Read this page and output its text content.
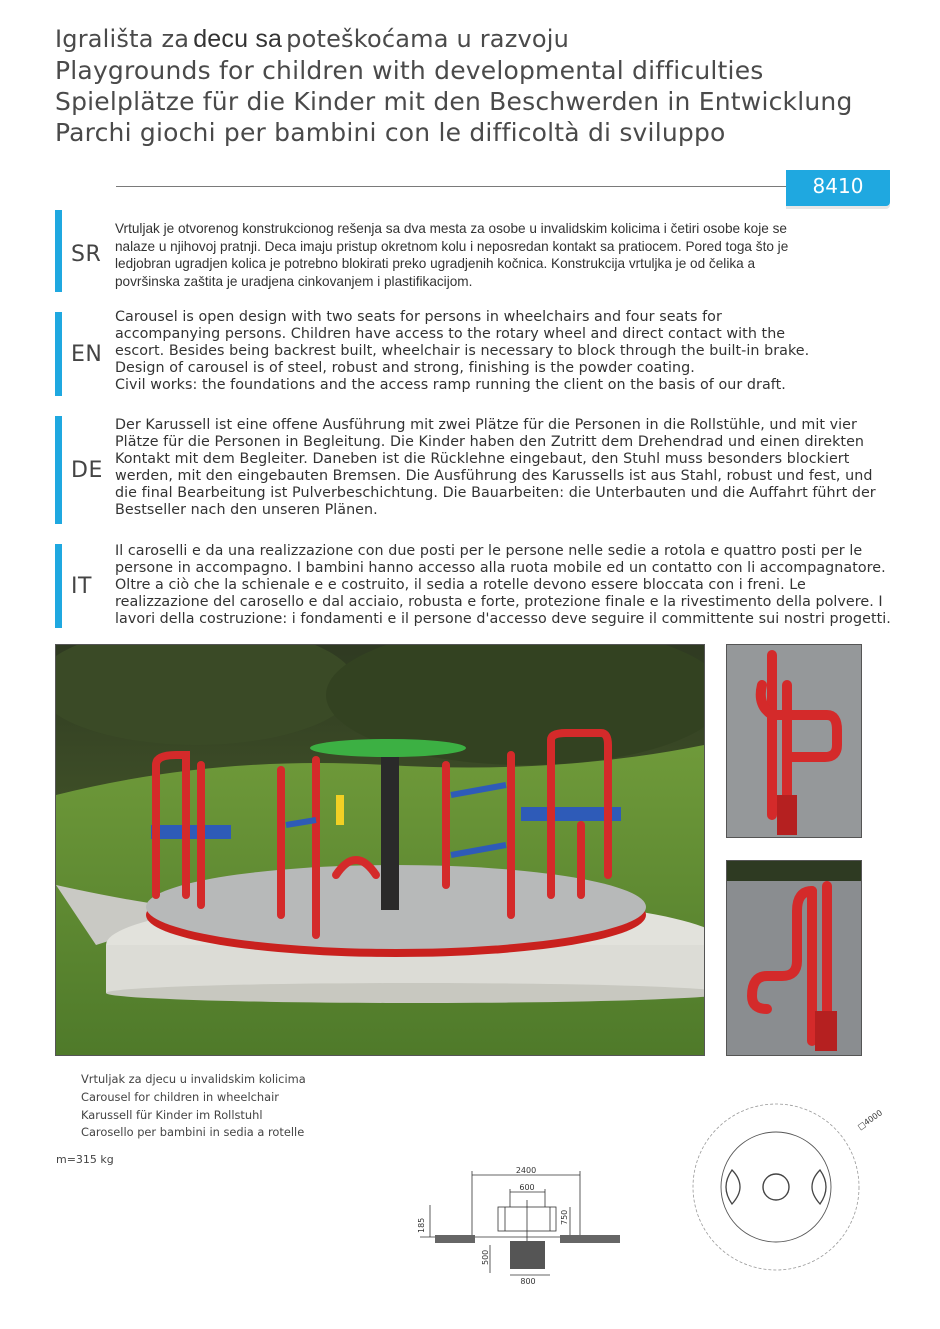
Igrališta za decu sa poteškoćama u razvoju
Playgrounds for children with developmental difficulties
Spielplätze für die Kinder mit den Beschwerden in Entwicklung
Parchi giochi per bambini con le difficoltà di sviluppo
8410
SR
Vrtuljak je otvorenog konstrukcionog rešenja sa dva mesta za osobe u invalidskim kolicima i četiri osobe koje se
nalaze u njihovoj pratnji. Deca imaju pristup okretnom kolu i neposredan kontakt sa pratiocem. Pored toga što je
ledjobran ugradjen kolica je potrebno blokirati preko ugradjenih kočnica. Konstrukcija vrtuljka je od čelika a
površinska zaštita je uradjena cinkovanjem i plastifikacijom.
EN
Carousel is open design with two seats for persons in wheelchairs and four seats for
accompanying persons. Children have access to the rotary wheel and direct contact with the
escort. Besides being backrest built, wheelchair is necessary to block through the built-in brake.
Design of carousel is of steel, robust and strong, finishing is the powder coating.
Civil works: the foundations and the access ramp running the client on the basis of our draft.
DE
Der Karussell ist eine offene Ausführung mit zwei Plätze für die Personen in die Rollstühle, und mit vier
Plätze für die Personen in Begleitung. Die Kinder haben den Zutritt dem Drehendrad und einen direkten
Kontakt mit dem Begleiter. Daneben ist die Rücklehne eingebaut, den Stuhl muss besonders blockiert
werden, mit den eingebauten Bremsen. Die Ausführung des Karussells ist aus Stahl, robust und fest, und
die final Bearbeitung ist Pulverbeschichtung. Die Bauarbeiten: die Unterbauten und die Auffahrt führt der
Bestseller nach den unseren Plänen.
IT
Il caroselli e da una realizzazione con due posti per le persone nelle sedie a rotola e quattro posti per le
persone in accompagno. I bambini hanno accesso alla ruota mobile ed un contatto con li accompagnatore.
Oltre a ciò che la schienale e e costruito, il sedia a rotelle devono essere bloccata con i freni. Le
realizzazione del carosello e dal acciaio, robusta e forte, protezione finale e la rivestimento della polvere. I
lavori della costruzione: i fondamenti e il persone d'accesso deve seguire il committente sui nostri progetti.
Vrtuljak za djecu u invalidskim kolicima
Carousel for children in wheelchair
Karussell für Kinder im Rollstuhl
Carosello per bambini in sedia a rotelle
m=315 kg
2400
600
750
185
500
800
□4000
